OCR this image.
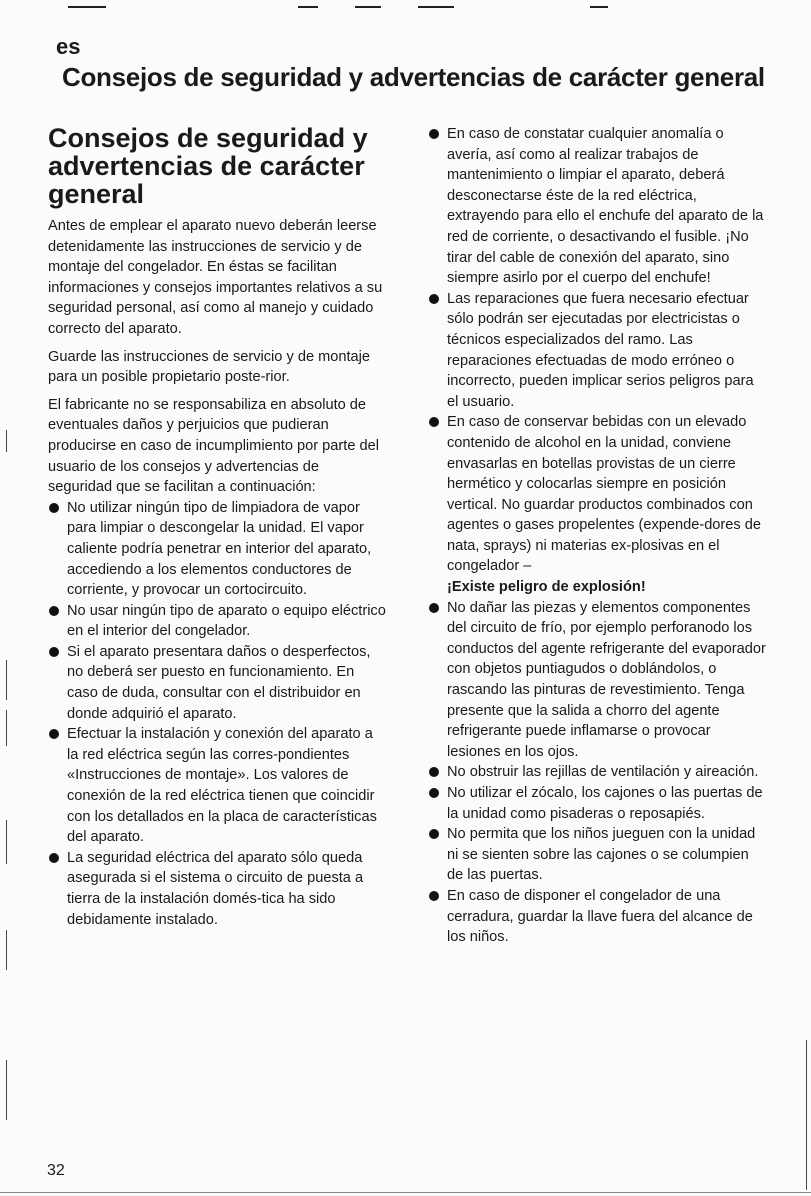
es
Consejos de seguridad y advertencias de carácter general
Consejos de seguridad y advertencias de carácter general

Antes de emplear el aparato nuevo deberán leerse detenidamente las instrucciones de servicio y de montaje del congelador. En éstas se facilitan informaciones y consejos importantes relativos a su seguridad personal, así como al manejo y cuidado correcto del aparato.

Guarde las instrucciones de servicio y de montaje para un posible propietario poste-rior.

El fabricante no se responsabiliza en absoluto de eventuales daños y perjuicios que pudieran producirse en caso de incumplimiento por parte del usuario de los consejos y advertencias de seguridad que se facilitan a continuación:

No utilizar ningún tipo de limpiadora de vapor para limpiar o descongelar la unidad. El vapor caliente podría penetrar en interior del aparato, accediendo a los elementos conductores de corriente, y provocar un cortocircuito.
No usar ningún tipo de aparato o equipo eléctrico en el interior del congelador.
Si el aparato presentara daños o desperfectos, no deberá ser puesto en funcionamiento. En caso de duda, consultar con el distribuidor en donde adquirió el aparato.
Efectuar la instalación y conexión del aparato a la red eléctrica según las corres-pondientes «Instrucciones de montaje». Los valores de conexión de la red eléctrica tienen que coincidir con los detallados en la placa de características del aparato.
La seguridad eléctrica del aparato sólo queda asegurada si el sistema o circuito de puesta a tierra de la instalación domés-tica ha sido debidamente instalado.
En caso de constatar cualquier anomalía o avería, así como al realizar trabajos de mantenimiento o limpiar el aparato, deberá desconectarse éste de la red eléctrica, extrayendo para ello el enchufe del aparato de la red de corriente, o desactivando el fusible. ¡No tirar del cable de conexión del aparato, sino siempre asirlo por el cuerpo del enchufe!
Las reparaciones que fuera necesario efectuar sólo podrán ser ejecutadas por electricistas o técnicos especializados del ramo. Las reparaciones efectuadas de modo erróneo o incorrecto, pueden implicar serios peligros para el usuario.
En caso de conservar bebidas con un elevado contenido de alcohol en la unidad, conviene envasarlas en botellas provistas de un cierre hermético y colocarlas siempre en posición vertical. No guardar productos combinados con agentes o gases propelentes (expende-dores de nata, sprays) ni materias ex-plosivas en el congelador –
¡Existe peligro de explosión!
No dañar las piezas y elementos componentes del circuito de frío, por ejemplo perforanodo los conductos del agente refrigerante del evaporador con objetos puntiagudos o doblándolos, o rascando las pinturas de revestimiento. Tenga presente que la salida a chorro del agente refrigerante puede inflamarse o provocar lesiones en los ojos.
No obstruir las rejillas de ventilación y aireación.
No utilizar el zócalo, los cajones o las puertas de la unidad como pisaderas o reposapiés.
No permita que los niños jueguen con la unidad ni se sienten sobre las cajones o se columpien de las puertas.
En caso de disponer el congelador de una cerradura, guardar la llave fuera del alcance de los niños.
32
